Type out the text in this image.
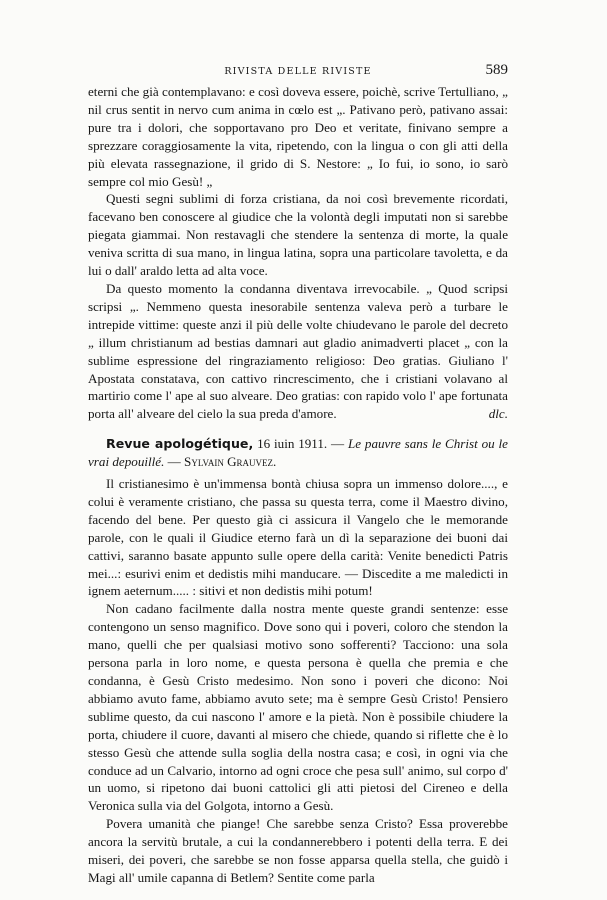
RIVISTA DELLE RIVISTE	589

eterni che già contemplavano: e così doveva essere, poichè, scrive Tertulliano, „ nil crus sentit in nervo cum anima in cœlo est „. Pativano però, pativano assai: pure tra i dolori, che sopportavano pro Deo et veritate, finivano sempre a sprezzare coraggiosamente la vita, ripetendo, con la lingua o con gli atti della più elevata rassegnazione, il grido di S. Nestore: „ Io fui, io sono, io sarò sempre col mio Gesù! „

Questi segni sublimi di forza cristiana, da noi così brevemente ricordati, facevano ben conoscere al giudice che la volontà degli imputati non si sarebbe piegata giammai. Non restavagli che stendere la sentenza di morte, la quale veniva scritta di sua mano, in lingua latina, sopra una particolare tavoletta, e da lui o dall' araldo letta ad alta voce.

Da questo momento la condanna diventava irrevocabile. „ Quod scripsi scripsi „. Nemmeno questa inesorabile sentenza valeva però a turbare le intrepide vittime: queste anzi il più delle volte chiudevano le parole del decreto „ illum christianum ad bestias damnari aut gladio animadverti placet „ con la sublime espressione del ringraziamento religioso: Deo gratias. Giuliano l' Apostata constatava, con cattivo rincrescimento, che i cristiani volavano al martirio come l' ape al suo alveare. Deo gratias: con rapido volo l' ape fortunata porta all' alveare del cielo la sua preda d'amore.	dlc.

Revue apologétique, 16 iuin 1911. — Le pauvre sans le Christ ou le vrai depouillé. — Sylvain Grauvez.

Il cristianesimo è un'immensa bontà chiusa sopra un immenso dolore...., e colui è veramente cristiano, che passa su questa terra, come il Maestro divino, facendo del bene. Per questo già ci assicura il Vangelo che le memorande parole, con le quali il Giudice eterno farà un dì la separazione dei buoni dai cattivi, saranno basate appunto sulle opere della carità: Venite benedicti Patris mei...: esurivi enim et dedistis mihi manducare. — Discedite a me maledicti in ignem aeternum..... : sitivi et non dedistis mihi potum!

Non cadano facilmente dalla nostra mente queste grandi sentenze: esse contengono un senso magnifico. Dove sono qui i poveri, coloro che stendon la mano, quelli che per qualsiasi motivo sono sofferenti? Tacciono: una sola persona parla in loro nome, e questa persona è quella che premia e che condanna, è Gesù Cristo medesimo. Non sono i poveri che dicono: Noi abbiamo avuto fame, abbiamo avuto sete; ma è sempre Gesù Cristo! Pensiero sublime questo, da cui nascono l' amore e la pietà. Non è possibile chiudere la porta, chiudere il cuore, davanti al misero che chiede, quando si riflette che è lo stesso Gesù che attende sulla soglia della nostra casa; e così, in ogni via che conduce ad un Calvario, intorno ad ogni croce che pesa sull' animo, sul corpo d' un uomo, si ripetono dai buoni cattolici gli atti pietosi del Cireneo e della Veronica sulla via del Golgota, intorno a Gesù.

Povera umanità che piange! Che sarebbe senza Cristo? Essa proverebbe ancora la servitù brutale, a cui la condannerebbero i potenti della terra. E dei miseri, dei poveri, che sarebbe se non fosse apparsa quella stella, che guidò i Magi all' umile capanna di Betlem? Sentite come parla
